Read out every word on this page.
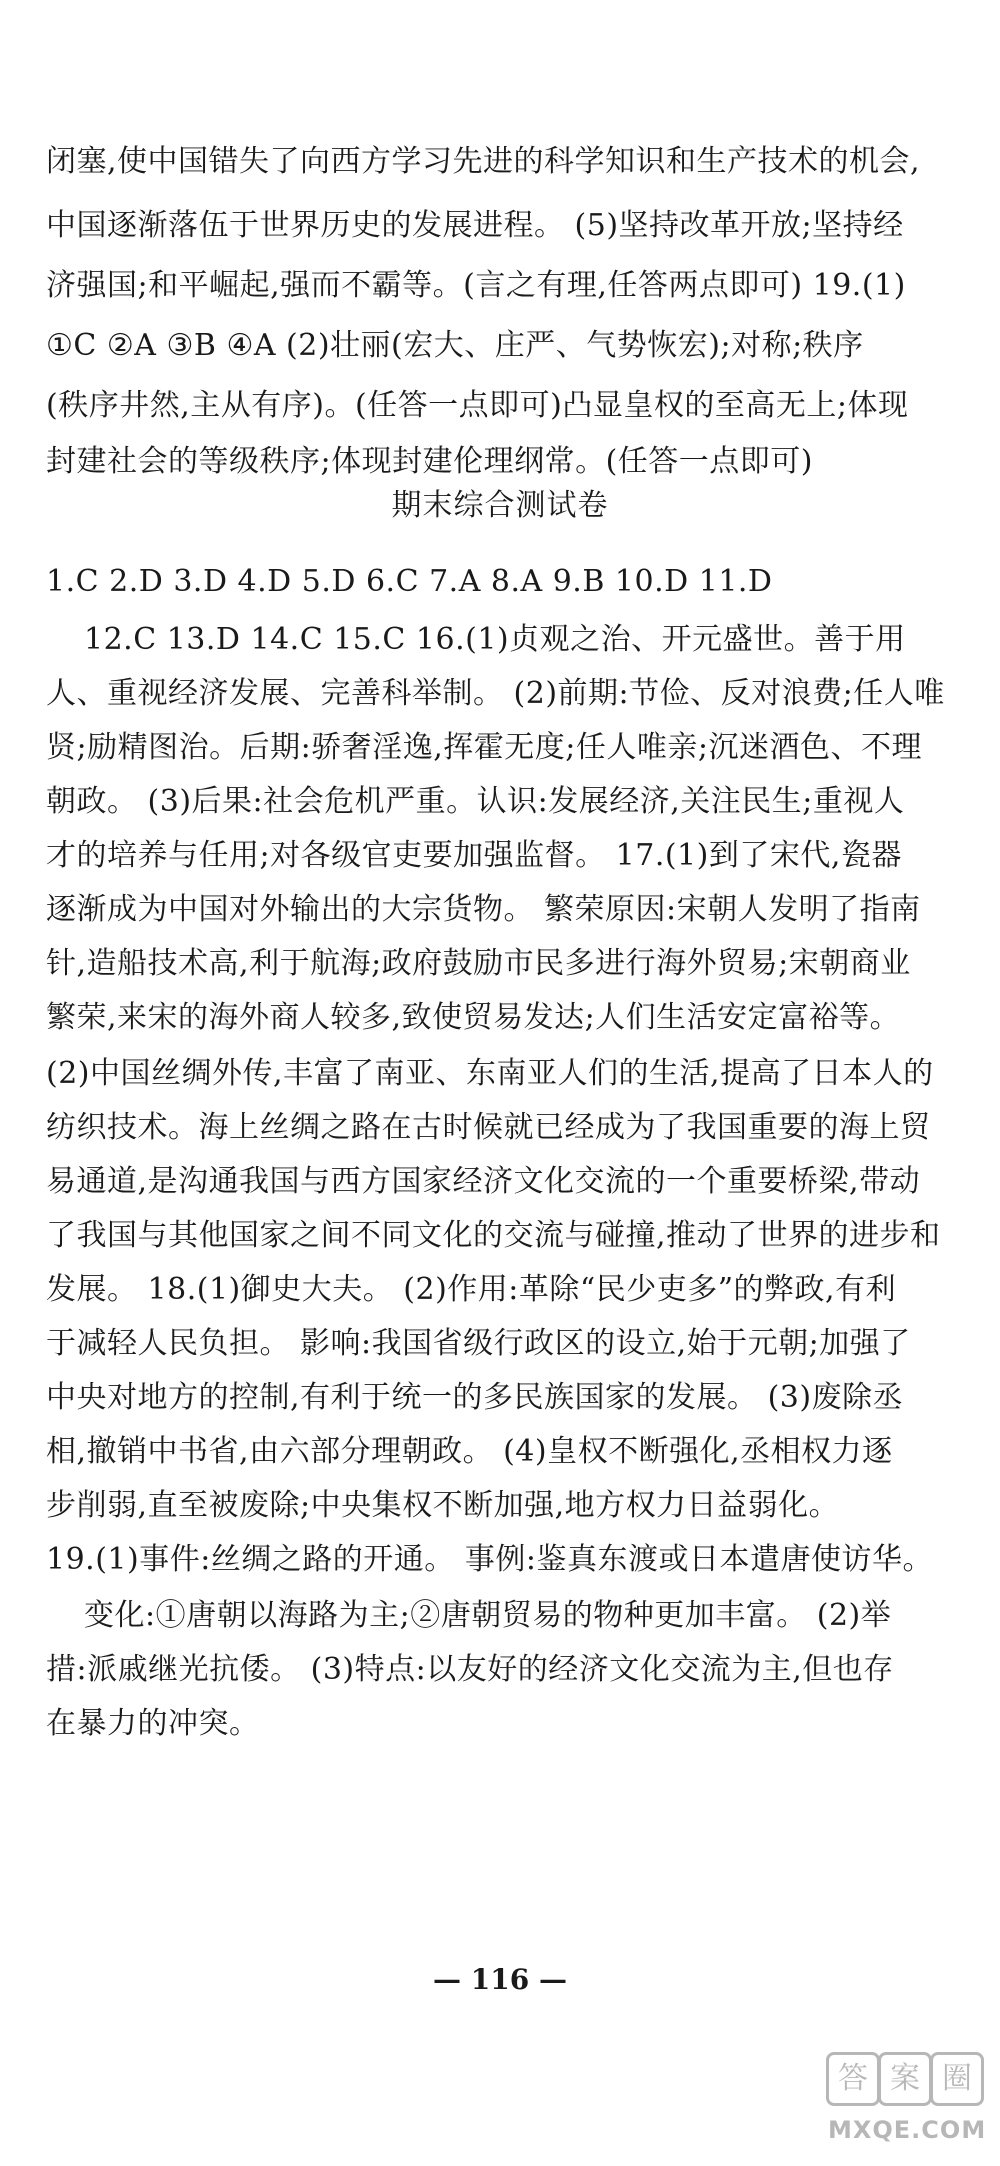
闭塞,使中国错失了向西方学习先进的科学知识和生产技术的机会,
中国逐渐落伍于世界历史的发展进程。 (5)坚持改革开放;坚持经
济强国;和平崛起,强而不霸等。(言之有理,任答两点即可) 19.(1)
①C ②A ③B ④A (2)壮丽(宏大、庄严、气势恢宏);对称;秩序
(秩序井然,主从有序)。(任答一点即可)凸显皇权的至高无上;体现
封建社会的等级秩序;体现封建伦理纲常。(任答一点即可)
期末综合测试卷
1.C 2.D 3.D 4.D 5.D 6.C 7.A 8.A 9.B 10.D 11.D
12.C 13.D 14.C 15.C 16.(1)贞观之治、开元盛世。善于用
人、重视经济发展、完善科举制。 (2)前期:节俭、反对浪费;任人唯
贤;励精图治。后期:骄奢淫逸,挥霍无度;任人唯亲;沉迷酒色、不理
朝政。 (3)后果:社会危机严重。认识:发展经济,关注民生;重视人
才的培养与任用;对各级官吏要加强监督。 17.(1)到了宋代,瓷器
逐渐成为中国对外输出的大宗货物。 繁荣原因:宋朝人发明了指南
针,造船技术高,利于航海;政府鼓励市民多进行海外贸易;宋朝商业
繁荣,来宋的海外商人较多,致使贸易发达;人们生活安定富裕等。
(2)中国丝绸外传,丰富了南亚、东南亚人们的生活,提高了日本人的
纺织技术。海上丝绸之路在古时候就已经成为了我国重要的海上贸
易通道,是沟通我国与西方国家经济文化交流的一个重要桥梁,带动
了我国与其他国家之间不同文化的交流与碰撞,推动了世界的进步和
发展。 18.(1)御史大夫。 (2)作用:革除“民少吏多”的弊政,有利
于减轻人民负担。 影响:我国省级行政区的设立,始于元朝;加强了
中央对地方的控制,有利于统一的多民族国家的发展。 (3)废除丞
相,撤销中书省,由六部分理朝政。 (4)皇权不断强化,丞相权力逐
步削弱,直至被废除;中央集权不断加强,地方权力日益弱化。
19.(1)事件:丝绸之路的开通。 事例:鉴真东渡或日本遣唐使访华。
变化:①唐朝以海路为主;②唐朝贸易的物种更加丰富。 (2)举
措:派戚继光抗倭。 (3)特点:以友好的经济文化交流为主,但也存
在暴力的冲突。
— 116 —
答 案 圈
MXQE.COM
